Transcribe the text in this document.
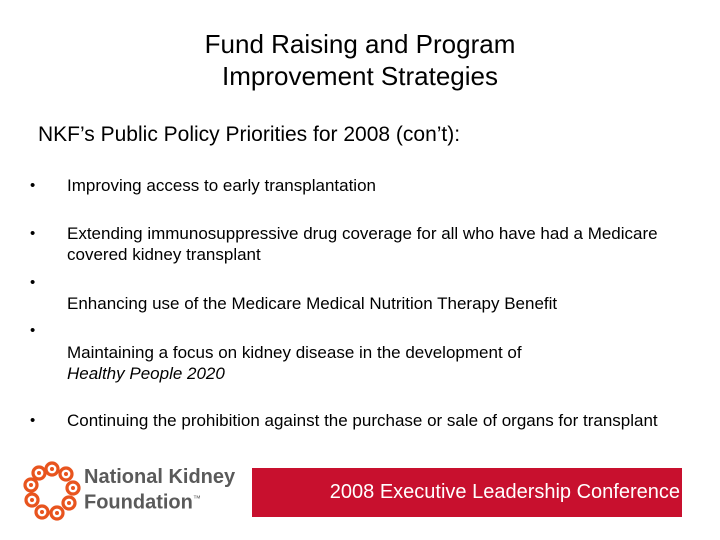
Fund Raising and Program
Improvement Strategies
NKF’s Public Policy Priorities for 2008 (con’t):
• Improving access to early transplantation
• Extending immunosuppressive drug coverage for all who have had a Medicare covered kidney transplant
•
Enhancing use of the Medicare Medical Nutrition Therapy Benefit
•
Maintaining a focus on kidney disease in the development of
Healthy People 2020
• Continuing the prohibition against the purchase or sale of organs for transplant
National Kidney
Foundation™	2008 Executive Leadership Conference
